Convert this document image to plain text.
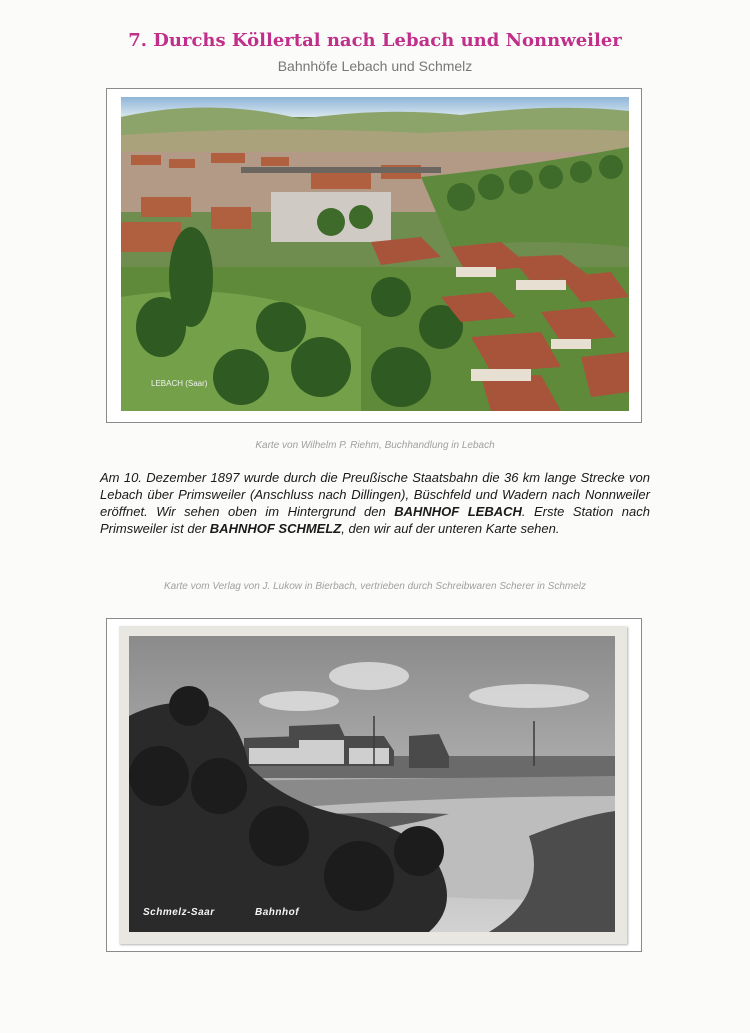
7. Durchs Köllertal nach Lebach und Nonnweiler
Bahnhöfe Lebach und Schmelz
LEBACH (Saar)
Karte von Wilhelm P. Riehm, Buchhandlung in Lebach
Am 10. Dezember 1897 wurde durch die Preußische Staatsbahn die 36 km lange Strecke von Lebach über Primsweiler (Anschluss nach Dillingen), Büschfeld und Wadern nach Nonnweiler eröffnet. Wir sehen oben im Hintergrund den BAHNHOF LEBACH. Erste Station nach Primsweiler ist der BAHNHOF SCHMELZ, den wir auf der unteren Karte sehen.
Karte vom Verlag von J. Lukow in Bierbach, vertrieben durch Schreibwaren Scherer in Schmelz
Schmelz-Saar	Bahnhof
